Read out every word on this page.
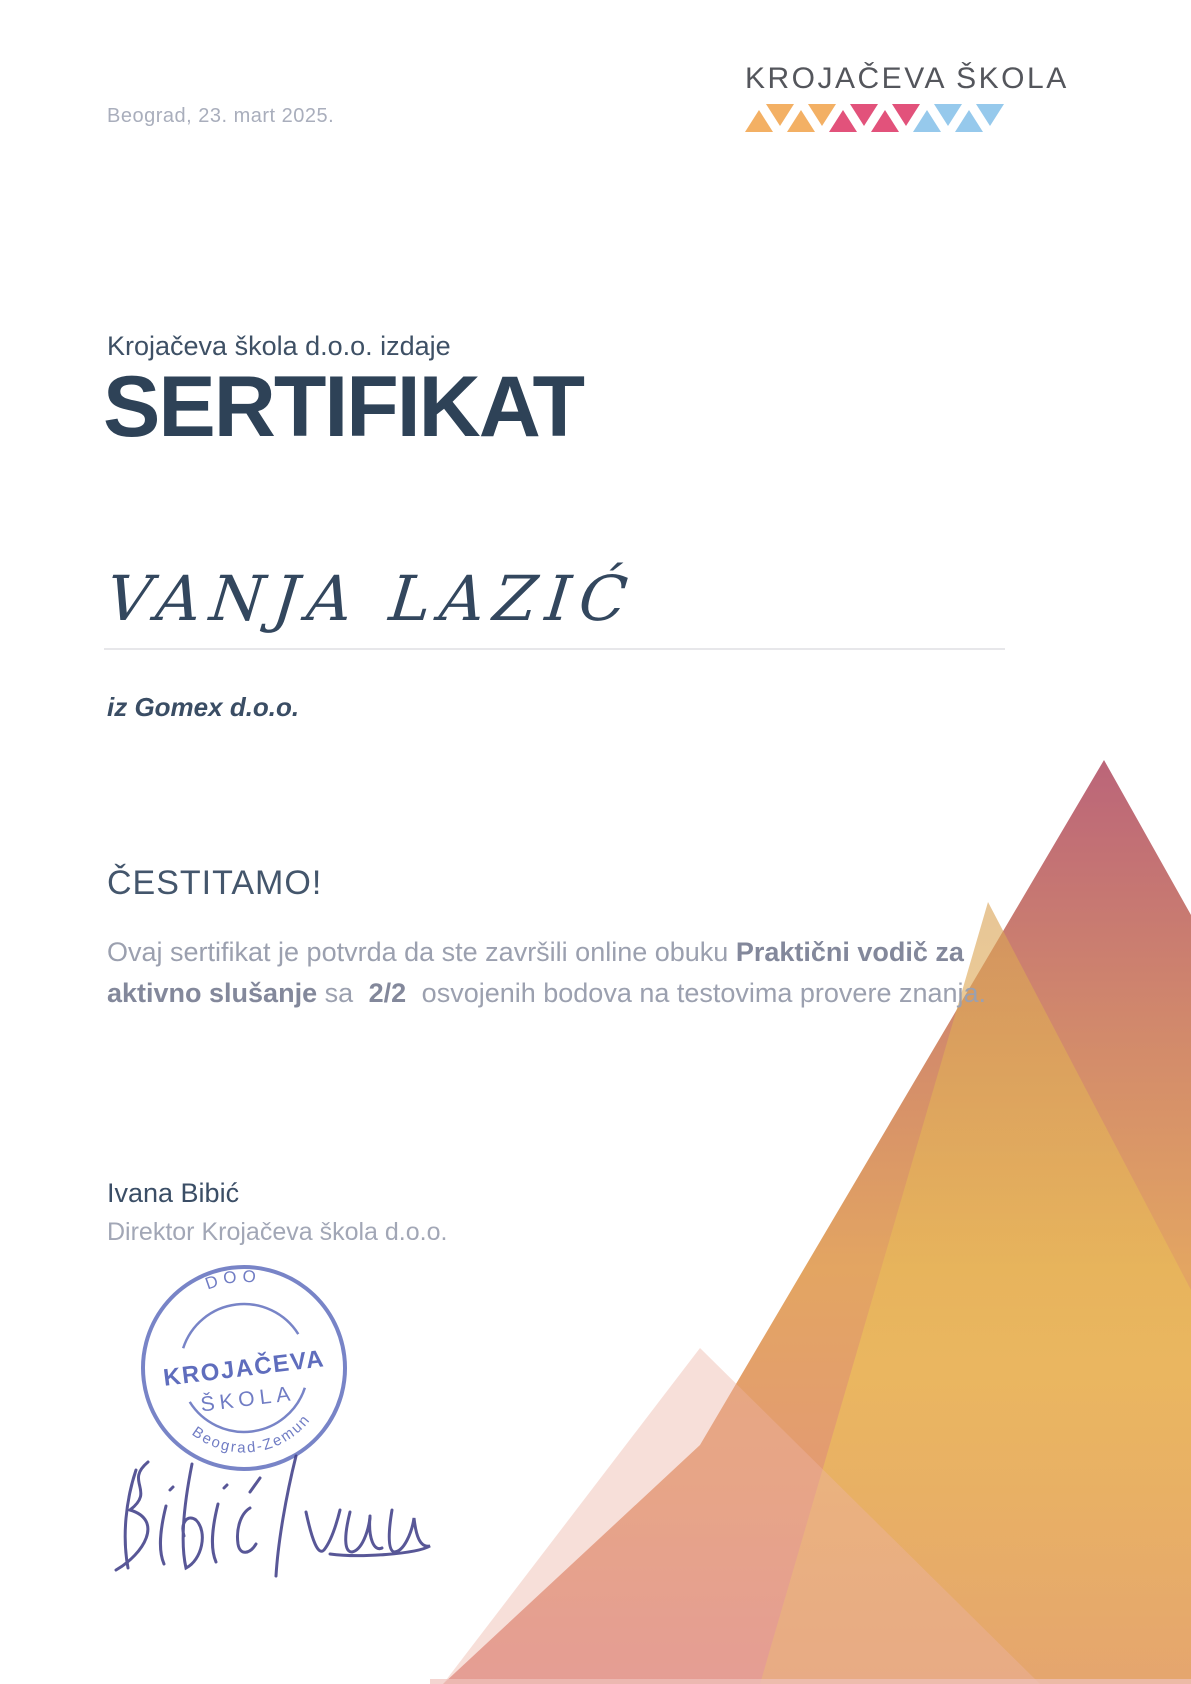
Beograd, 23. mart 2025.
KROJAČEVA ŠKOLA
Krojačeva škola d.o.o. izdaje
SERTIFIKAT
VANJA LAZIĆ
iz Gomex d.o.o.
ČESTITAMO!
Ovaj sertifikat je potvrda da ste završili online obuku Praktični vodič za aktivno slušanje sa 2/2 osvojenih bodova na testovima provere znanja.
Ivana Bibić
Direktor Krojačeva škola d.o.o.
DOO
KROJAČEVA
ŠKOLA
Beograd-Zemun
